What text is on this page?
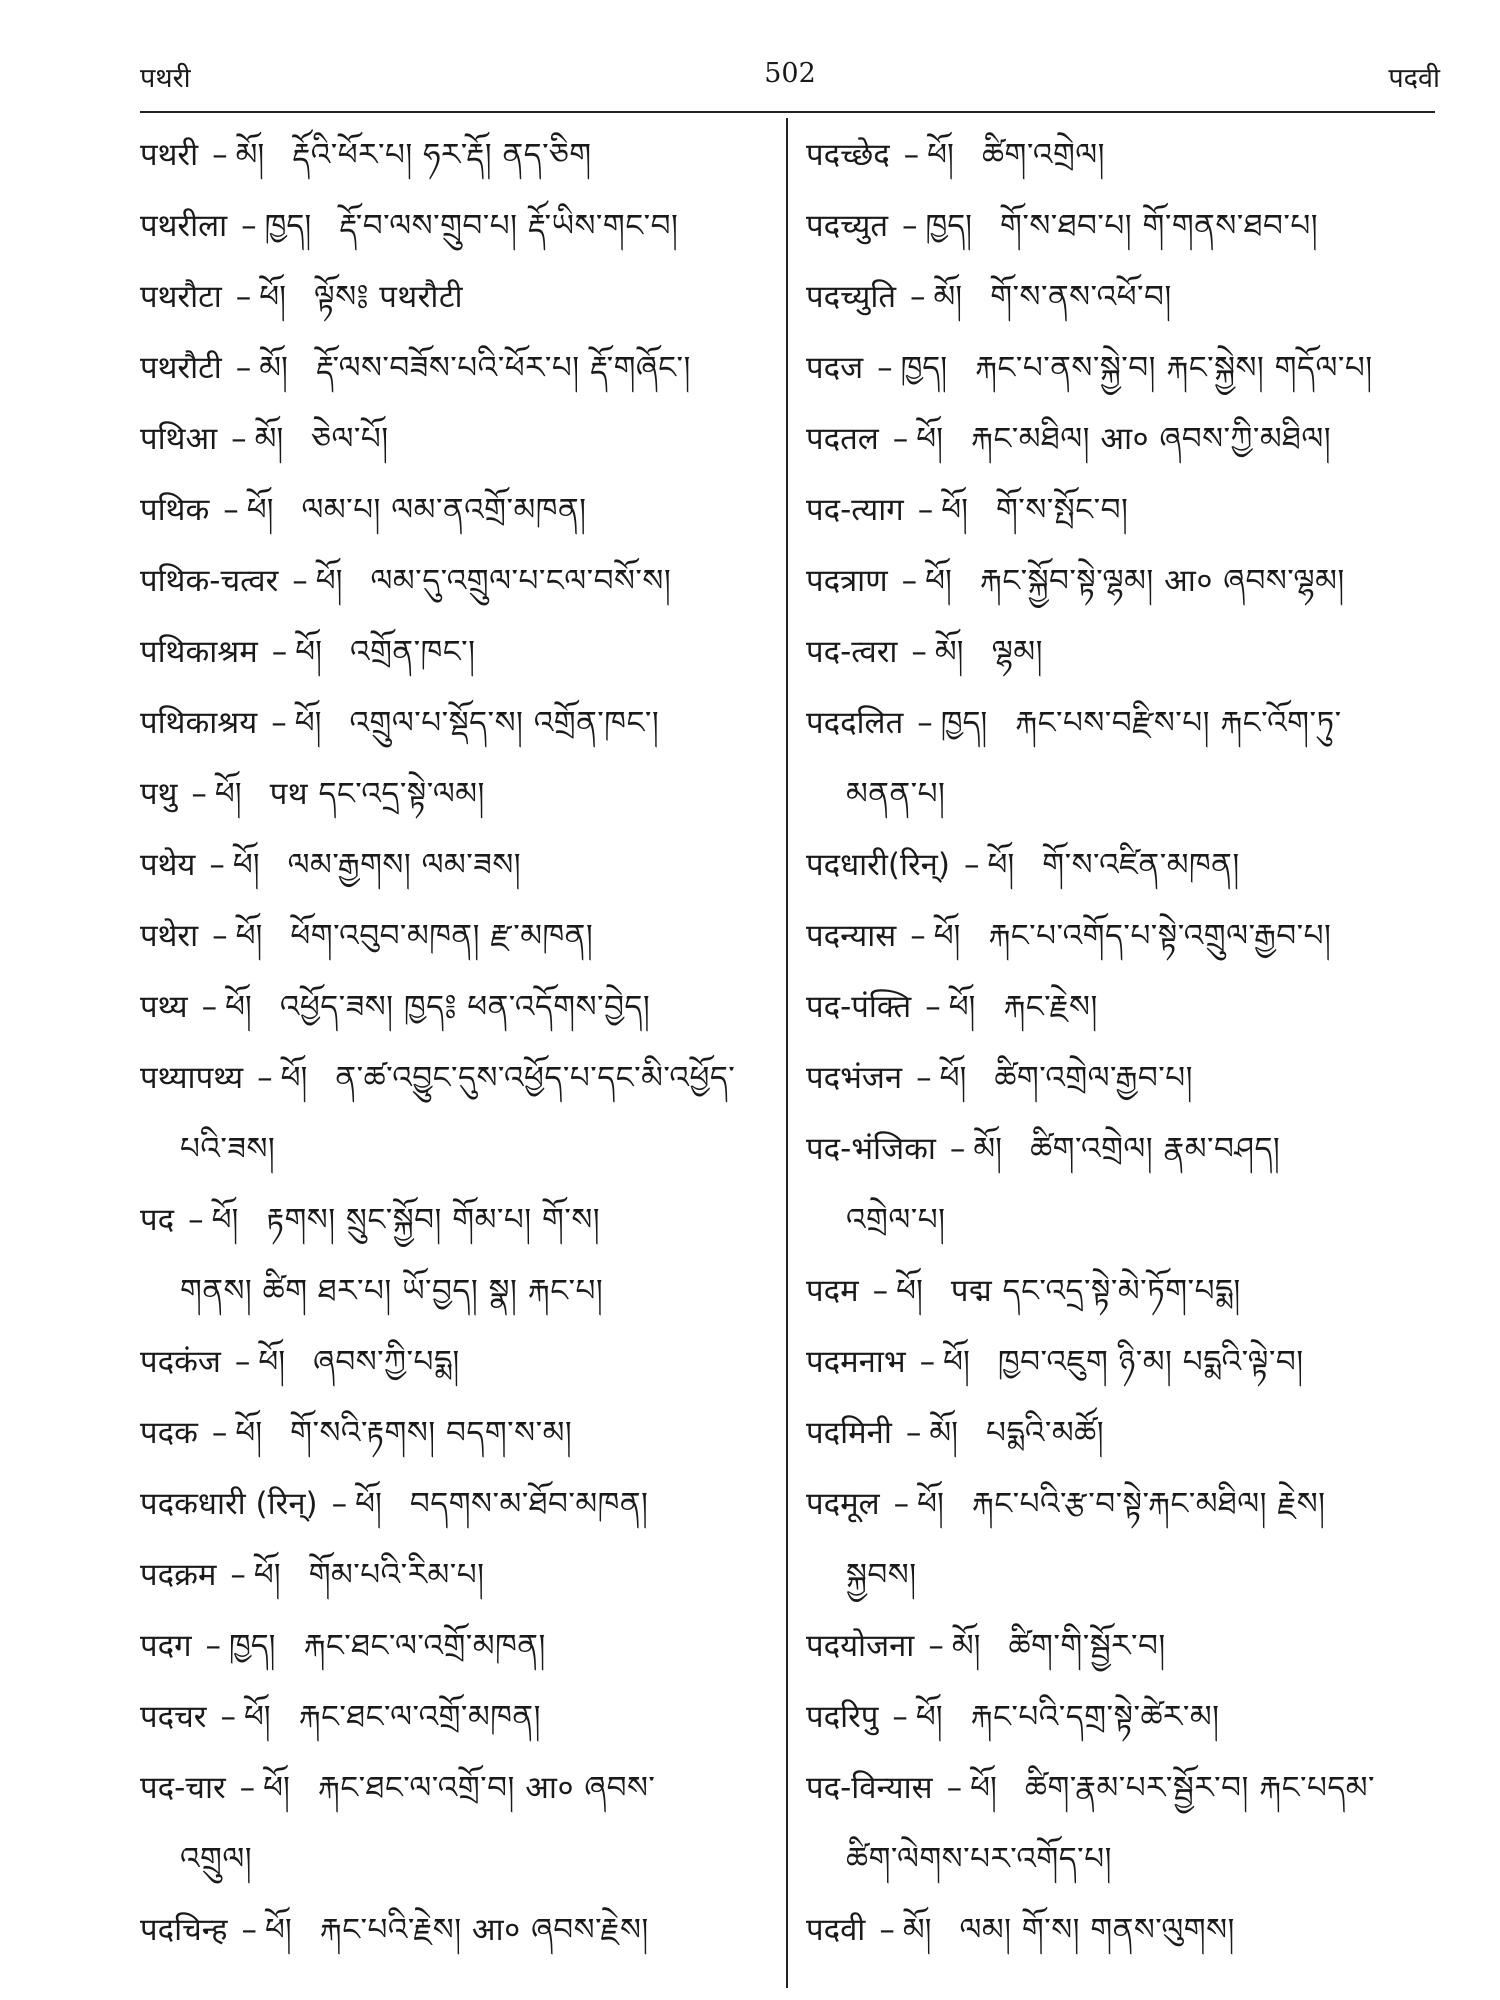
पथरी	502	पदवी
पथरी – མོ། རྡོའི་ཕོར་པ། ཧར་རྡོ། ནད་ཅིག
पथरीला – ཁྱད། རྡོ་བ་ལས་གྲུབ་པ། རྡོ་ཡིས་གང་བ།
पथरौटा – ཕོ། ལྟོས༔ पथरौटी
पथरौटी – མོ། རྡོ་ལས་བཟོས་པའི་ཕོར་པ། རྡོ་གཞོང་།
पथिआ – མོ། ཅེལ་པོ།
पथिक – ཕོ། ལམ་པ། ལམ་ནའགྲོ་མཁན།
पथिक-चत्वर – ཕོ། ལམ་དུ་འགྲུལ་པ་ངལ་བསོ་ས།
पथिकाश्रम – ཕོ། འགྲོན་ཁང་།
पथिकाश्रय – ཕོ། འགྲུལ་པ་སྡོད་ས། འགྲོན་ཁང་།
पथु – ཕོ། पथ དང་འདྲ་སྟེ་ལམ།
पथेय – ཕོ། ལམ་རྒྱགས། ལམ་ཟས།
पथेरा – ཕོ། ཕོག་འབུབ་མཁན། རྫ་མཁན།
पथ्य – ཕོ། འཕྱོད་ཟས། ཁྱད༔ ཕན་འདོགས་བྱེད།
पथ्यापथ्य – ཕོ། ན་ཚ་འབྱུང་དུས་འཕྱོད་པ་དང་མི་འཕྱོད་
པའི་ཟས།
पद – ཕོ། རྟགས། སྲུང་སྐྱོབ། གོམ་པ། གོ་ས།
གནས། ཚིག ཐར་པ། ཡོ་བྱད། སྣ། རྐང་པ།
पदकंज – ཕོ། ཞབས་ཀྱི་པདྨ།
पदक – ཕོ། གོ་སའི་རྟགས། བདག་ས་མ།
पदकधारी (रिन्) – ཕོ། བདགས་མ་ཐོབ་མཁན།
पदक्रम – ཕོ། གོམ་པའི་རིམ་པ།
पदग – ཁྱད། རྐང་ཐང་ལ་འགྲོ་མཁན།
पदचर – ཕོ། རྐང་ཐང་ལ་འགྲོ་མཁན།
पद-चार – ཕོ། རྐང་ཐང་ལ་འགྲོ་བ། आ० ཞབས་
འགྲུལ།
पदचिन्ह – ཕོ། རྐང་པའི་རྗེས། आ० ཞབས་རྗེས།
पदच्छेद – ཕོ། ཚིག་འགྲེལ།
पदच्युत – ཁྱད། གོ་ས་ཐབ་པ། གོ་གནས་ཐབ་པ།
पदच्युति – མོ། གོ་ས་ནས་འཕོ་བ།
पदज – ཁྱད། རྐང་པ་ནས་སྐྱེ་བ། རྐང་སྐྱེས། གདོལ་པ།
पदतल – ཕོ། རྐང་མཐིལ། आ० ཞབས་ཀྱི་མཐིལ།
पद-त्याग – ཕོ། གོ་ས་སྤོང་བ།
पदत्राण – ཕོ། རྐང་སྐྱོབ་སྟེ་ལྷམ། आ० ཞབས་ལྷམ།
पद-त्वरा – མོ། ལྷམ།
पददलित – ཁྱད། རྐང་པས་བརྫིས་པ། རྐང་འོག་ཏུ་
མནན་པ།
पदधारी(रिन्) – ཕོ། གོ་ས་འཛིན་མཁན།
पदन्यास – ཕོ། རྐང་པ་འགོད་པ་སྟེ་འགྲུལ་རྒྱབ་པ།
पद-पंक्ति – ཕོ། རྐང་རྗེས།
पदभंजन – ཕོ། ཚིག་འགྲེལ་རྒྱབ་པ།
पद-भंजिका – མོ། ཚིག་འགྲེལ། རྣམ་བཤད།
འགྲེལ་པ།
पदम – ཕོ། पद्म དང་འདྲ་སྟེ་མེ་ཏོག་པདྨ།
पदमनाभ – ཕོ། ཁྱབ་འཇུག ཉི་མ། པདྨའི་ལྟེ་བ།
पदमिनी – མོ། པདྨའི་མཚོ།
पदमूल – ཕོ། རྐང་པའི་རྩ་བ་སྟེ་རྐང་མཐིལ། རྗེས།
སྐྱབས།
पदयोजना – མོ། ཚིག་གི་སྦྱོར་བ།
पदरिपु – ཕོ། རྐང་པའི་དགྲ་སྟེ་ཚེར་མ།
पद-विन्यास – ཕོ། ཚིག་རྣམ་པར་སྦྱོར་བ། རྐང་པདམ་
ཚིག་ལེགས་པར་འགོད་པ།
पदवी – མོ། ལམ། གོ་ས། གནས་ལུགས།
